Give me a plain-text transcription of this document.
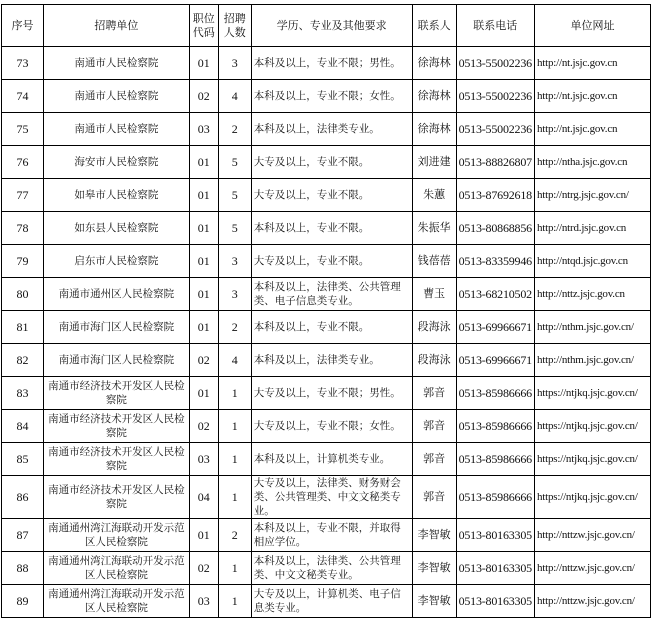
序号	招聘单位	职位代码	招聘人数	学历、专业及其他要求	联系人	联系电话	单位网址
73	南通市人民检察院	01	3	本科及以上，专业不限；男性。	徐海林	0513-55002236	http://nt.jsjc.gov.cn
74	南通市人民检察院	02	4	本科及以上，专业不限；女性。	徐海林	0513-55002236	http://nt.jsjc.gov.cn
75	南通市人民检察院	03	2	本科及以上，法律类专业。	徐海林	0513-55002236	http://nt.jsjc.gov.cn
76	海安市人民检察院	01	5	大专及以上，专业不限。	刘进建	0513-88826807	http://ntha.jsjc.gov.cn
77	如皋市人民检察院	01	5	大专及以上，专业不限。	朱蕙	0513-87692618	http://ntrg.jsjc.gov.cn/
78	如东县人民检察院	01	5	本科及以上，专业不限。	朱振华	0513-80868856	http://ntrd.jsjc.gov.cn
79	启东市人民检察院	01	3	大专及以上，专业不限。	钱蓓蓓	0513-83359946	http://ntqd.jsjc.gov.cn
80	南通市通州区人民检察院	01	3	本科及以上，法律类、公共管理类、电子信息类专业。	曹玉	0513-68210502	http://nttz.jsjc.gov.cn
81	南通市海门区人民检察院	01	2	本科及以上，专业不限。	段海泳	0513-69966671	http://nthm.jsjc.gov.cn/
82	南通市海门区人民检察院	02	4	本科及以上，法律类专业。	段海泳	0513-69966671	http://nthm.jsjc.gov.cn/
83	南通市经济技术开发区人民检察院	01	1	大专及以上，专业不限；男性。	郭音	0513-85986666	https://ntjkq.jsjc.gov.cn/
84	南通市经济技术开发区人民检察院	02	1	大专及以上，专业不限；女性。	郭音	0513-85986666	https://ntjkq.jsjc.gov.cn/
85	南通市经济技术开发区人民检察院	03	1	本科及以上，计算机类专业。	郭音	0513-85986666	https://ntjkq.jsjc.gov.cn/
86	南通市经济技术开发区人民检察院	04	1	大专及以上，法律类、财务财会类、公共管理类、中文文秘类专业。	郭音	0513-85986666	https://ntjkq.jsjc.gov.cn/
87	南通通州湾江海联动开发示范区人民检察院	01	2	本科及以上，专业不限，并取得相应学位。	李智敏	0513-80163305	http://nttzw.jsjc.gov.cn/
88	南通通州湾江海联动开发示范区人民检察院	02	1	本科及以上，法律类、公共管理类、中文文秘类专业。	李智敏	0513-80163305	http://nttzw.jsjc.gov.cn/
89	南通通州湾江海联动开发示范区人民检察院	03	1	大专及以上，计算机类、电子信息类专业。	李智敏	0513-80163305	http://nttzw.jsjc.gov.cn/
